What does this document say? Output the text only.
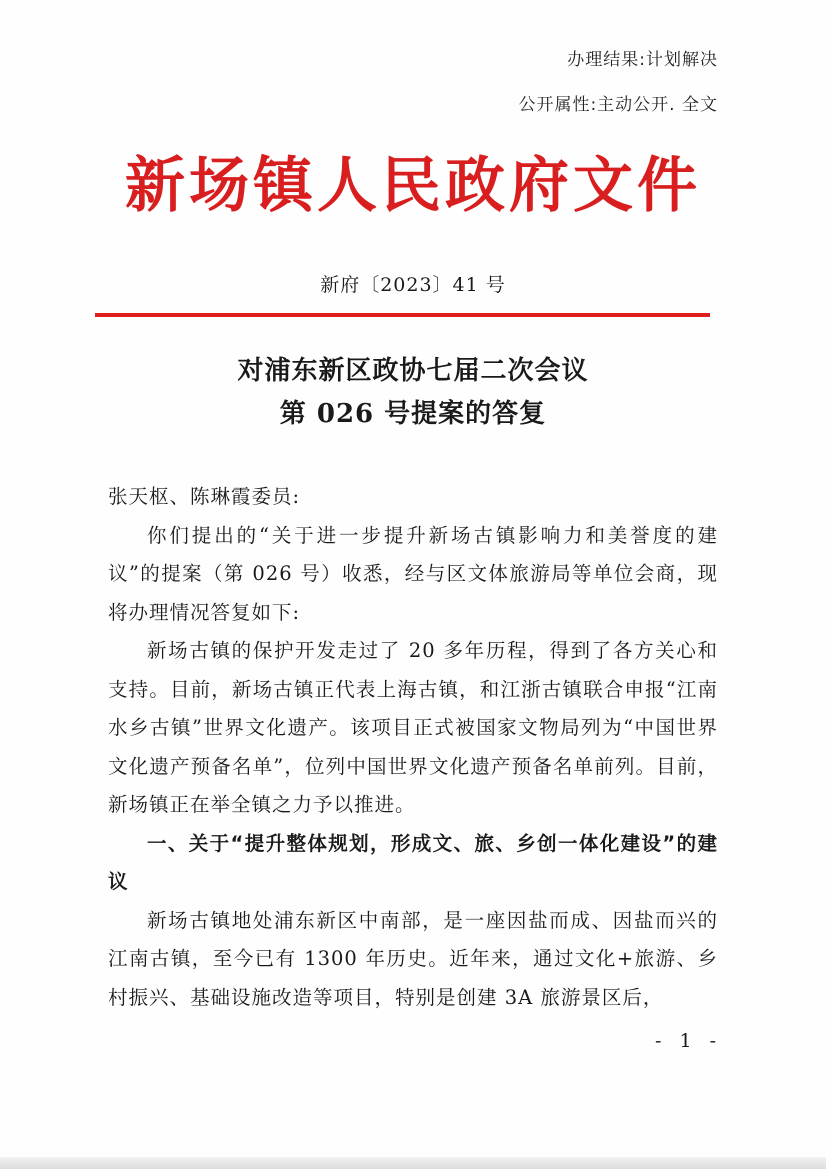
办理结果:计划解决
公开属性:主动公开. 全文
新场镇人民政府文件
新府〔2023〕41 号
对浦东新区政协七届二次会议
第 026 号提案的答复

张天枢、陈琳霞委员:

你们提出的“关于进一步提升新场古镇影响力和美誉度的建议”的提案（第 026 号）收悉，经与区文体旅游局等单位会商，现将办理情况答复如下:

新场古镇的保护开发走过了 20 多年历程，得到了各方关心和支持。目前，新场古镇正代表上海古镇，和江浙古镇联合申报“江南水乡古镇”世界文化遗产。该项目正式被国家文物局列为“中国世界文化遗产预备名单”，位列中国世界文化遗产预备名单前列。目前，新场镇正在举全镇之力予以推进。

一、关于“提升整体规划，形成文、旅、乡创一体化建设”的建议

新场古镇地处浦东新区中南部，是一座因盐而成、因盐而兴的江南古镇，至今已有 1300 年历史。近年来，通过文化+旅游、乡村振兴、基础设施改造等项目，特别是创建 3A 旅游景区后，

- 1 -
